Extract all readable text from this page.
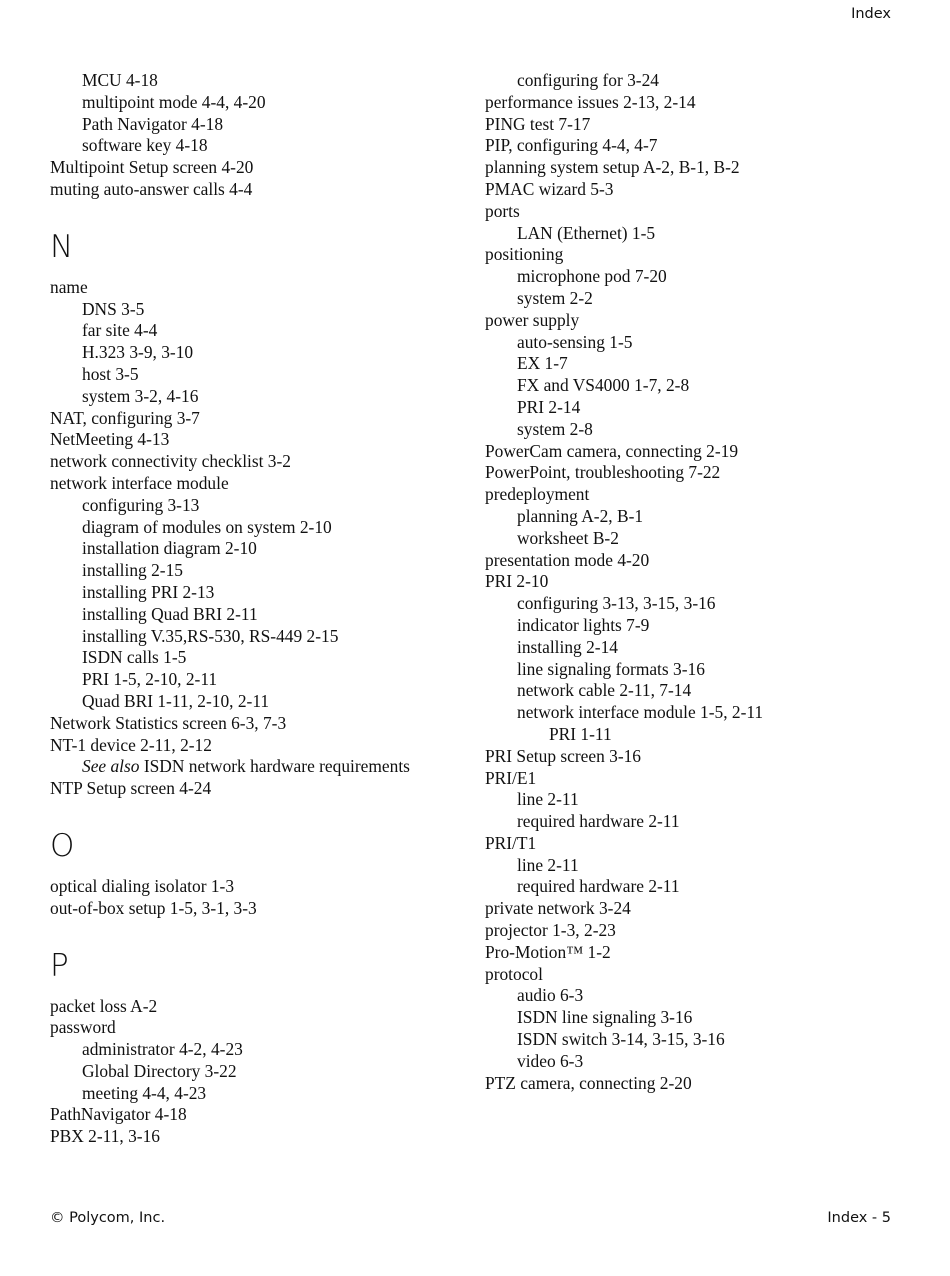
Index
MCU 4-18
multipoint mode 4-4, 4-20
Path Navigator 4-18
software key 4-18
Multipoint Setup screen 4-20
muting auto-answer calls 4-4
N
name
DNS 3-5
far site 4-4
H.323 3-9, 3-10
host 3-5
system 3-2, 4-16
NAT, configuring 3-7
NetMeeting 4-13
network connectivity checklist 3-2
network interface module
configuring 3-13
diagram of modules on system 2-10
installation diagram 2-10
installing 2-15
installing PRI 2-13
installing Quad BRI 2-11
installing V.35,RS-530, RS-449 2-15
ISDN calls 1-5
PRI 1-5, 2-10, 2-11
Quad BRI 1-11, 2-10, 2-11
Network Statistics screen 6-3, 7-3
NT-1 device 2-11, 2-12
See also ISDN network hardware requirements
NTP Setup screen 4-24
O
optical dialing isolator 1-3
out-of-box setup 1-5, 3-1, 3-3
P
packet loss A-2
password
administrator 4-2, 4-23
Global Directory 3-22
meeting 4-4, 4-23
PathNavigator 4-18
PBX 2-11, 3-16
configuring for 3-24
performance issues 2-13, 2-14
PING test 7-17
PIP, configuring 4-4, 4-7
planning system setup A-2, B-1, B-2
PMAC wizard 5-3
ports
LAN (Ethernet) 1-5
positioning
microphone pod 7-20
system 2-2
power supply
auto-sensing 1-5
EX 1-7
FX and VS4000 1-7, 2-8
PRI 2-14
system 2-8
PowerCam camera, connecting 2-19
PowerPoint, troubleshooting 7-22
predeployment
planning A-2, B-1
worksheet B-2
presentation mode 4-20
PRI 2-10
configuring 3-13, 3-15, 3-16
indicator lights 7-9
installing 2-14
line signaling formats 3-16
network cable 2-11, 7-14
network interface module 1-5, 2-11
PRI 1-11
PRI Setup screen 3-16
PRI/E1
line 2-11
required hardware 2-11
PRI/T1
line 2-11
required hardware 2-11
private network 3-24
projector 1-3, 2-23
Pro-Motion™ 1-2
protocol
audio 6-3
ISDN line signaling 3-16
ISDN switch 3-14, 3-15, 3-16
video 6-3
PTZ camera, connecting 2-20
© Polycom, Inc.	Index - 5
